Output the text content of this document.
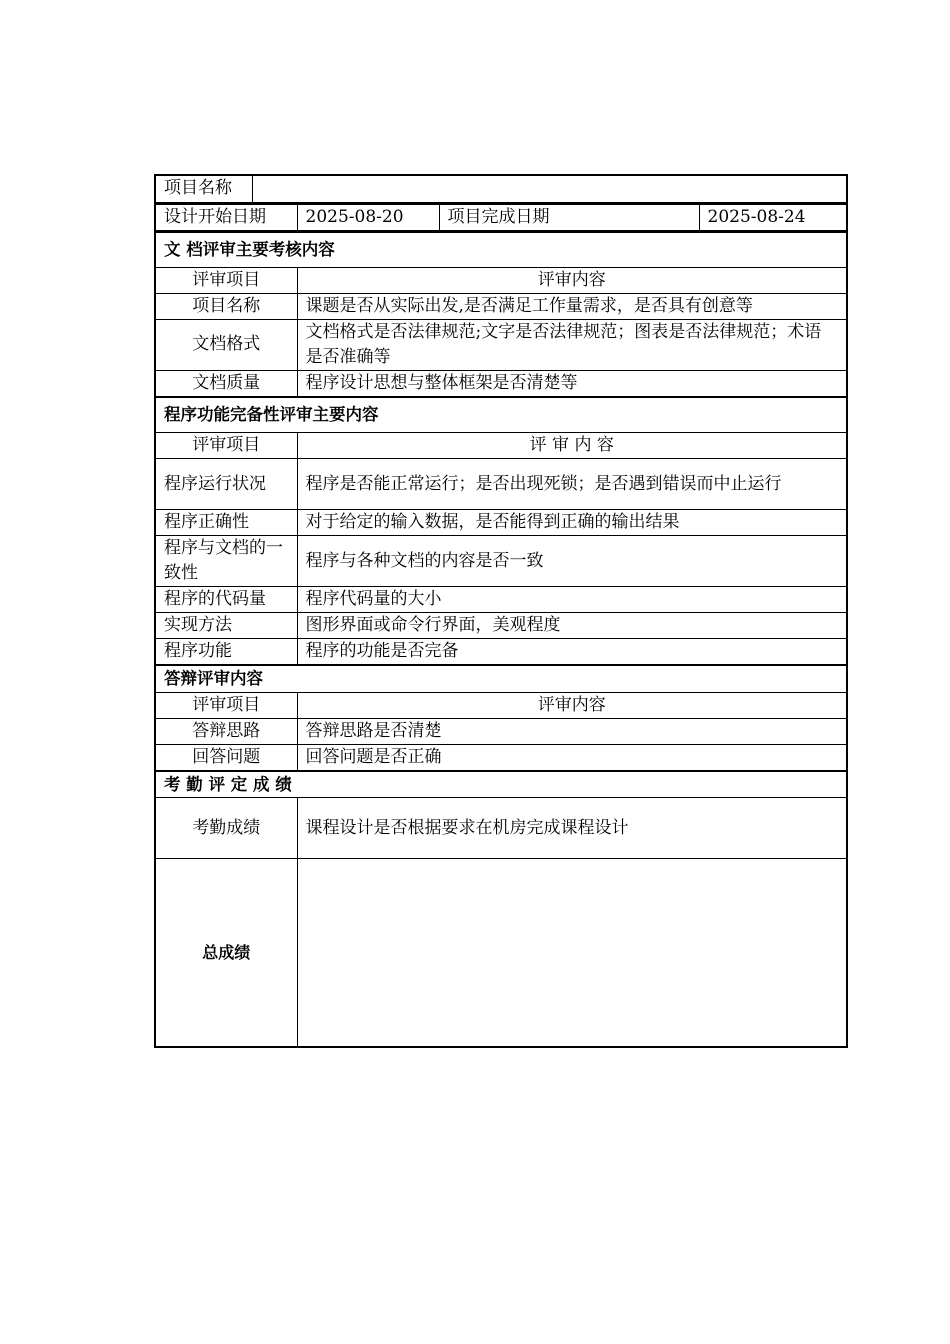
项目名称	
设计开始日期	2025-08-20	项目完成日期	2025-08-24
文 档评审主要考核内容	
评审项目	评审内容
项目名称	课题是否从实际出发,是否满足工作量需求，是否具有创意等
文档格式	文档格式是否法律规范;文字是否法律规范；图表是否法律规范；术语是否准确等
文档质量	程序设计思想与整体框架是否清楚等
程序功能完备性评审主要内容	
评审项目	评 审 内 容
程序运行状况	程序是否能正常运行；是否出现死锁；是否遇到错误而中止运行
程序正确性	对于给定的输入数据，是否能得到正确的输出结果
程序与文档的一致性	程序与各种文档的内容是否一致
程序的代码量	程序代码量的大小
实现方法	图形界面或命令行界面，美观程度
程序功能	程序的功能是否完备
答辩评审内容	
评审项目	评审内容
答辩思路	答辩思路是否清楚
回答问题	回答问题是否正确
考 勤 评 定 成 绩	
考勤成绩	课程设计是否根据要求在机房完成课程设计
总成绩	
